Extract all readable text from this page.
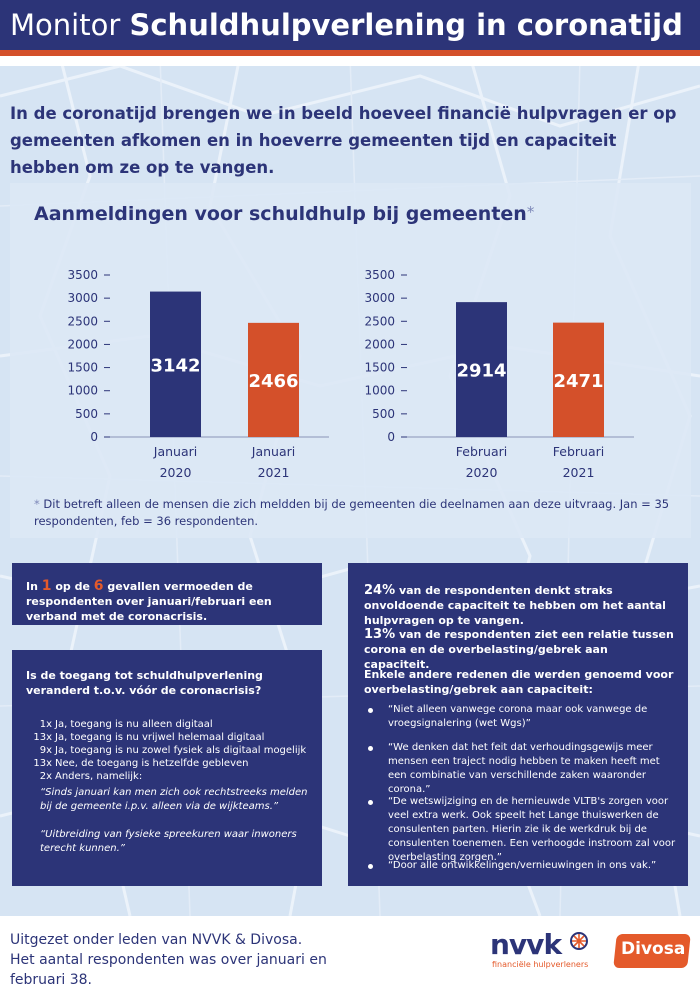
Monitor Schuldhulpverlening in coronatijd
In de coronatijd brengen we in beeld hoeveel financië hulpvragen er op gemeenten afkomen en in hoeverre gemeenten tijd en capaciteit hebben om ze op te vangen.
Aanmeldingen voor schuldhulp bij gemeenten*
0
500
1000
1500
2000
2500
3000
3500
3142
Januari
2020
2466
Januari
2021
0
500
1000
1500
2000
2500
3000
3500
2914
Februari
2020
2471
Februari
2021
* Dit betreft alleen de mensen die zich meldden bij de gemeenten die deelnamen aan deze uitvraag. Jan = 35 respondenten, feb = 36 respondenten.

In 1 op de 6 gevallen vermoeden de respondenten over januari/februari een verband met de coronacrisis.

Is de toegang tot schuldhulpverlening veranderd t.o.v. vóór de coronacrisis?
1x Ja, toegang is nu alleen digitaal
13x Ja, toegang is nu vrijwel helemaal digitaal
9x Ja, toegang is nu zowel fysiek als digitaal mogelijk
13x Nee, de toegang is hetzelfde gebleven
2x Anders, namelijk:
“Sinds januari kan men zich ook rechtstreeks melden bij de gemeente i.p.v. alleen via de wijkteams.”
“Uitbreiding van fysieke spreekuren waar inwoners terecht kunnen.”
24% van de respondenten denkt straks onvoldoende capaciteit te hebben om het aantal hulpvragen op te vangen.
13% van de respondenten ziet een relatie tussen corona en de overbelasting/gebrek aan capaciteit.
Enkele andere redenen die werden genoemd voor overbelasting/gebrek aan capaciteit:
“Niet alleen vanwege corona maar ook vanwege de vroegsignalering (wet Wgs)”
“We denken dat het feit dat verhoudingsgewijs meer mensen een traject nodig hebben te maken heeft met een combinatie van verschillende zaken waaronder corona.”
“De wetswijziging en de hernieuwde VLTB's zorgen voor veel extra werk. Ook speelt het Lange thuiswerken de consulenten parten. Hierin zie ik de werkdruk bij de consulenten toenemen. Een verhoogde instroom zal voor overbelasting zorgen.”
“Door alle ontwikkelingen/vernieuwingen in ons vak.”
Uitgezet onder leden van NVVK & Divosa. Het aantal respondenten was over januari en februari 38.
nvvk
financiële hulpverleners
Divosa
